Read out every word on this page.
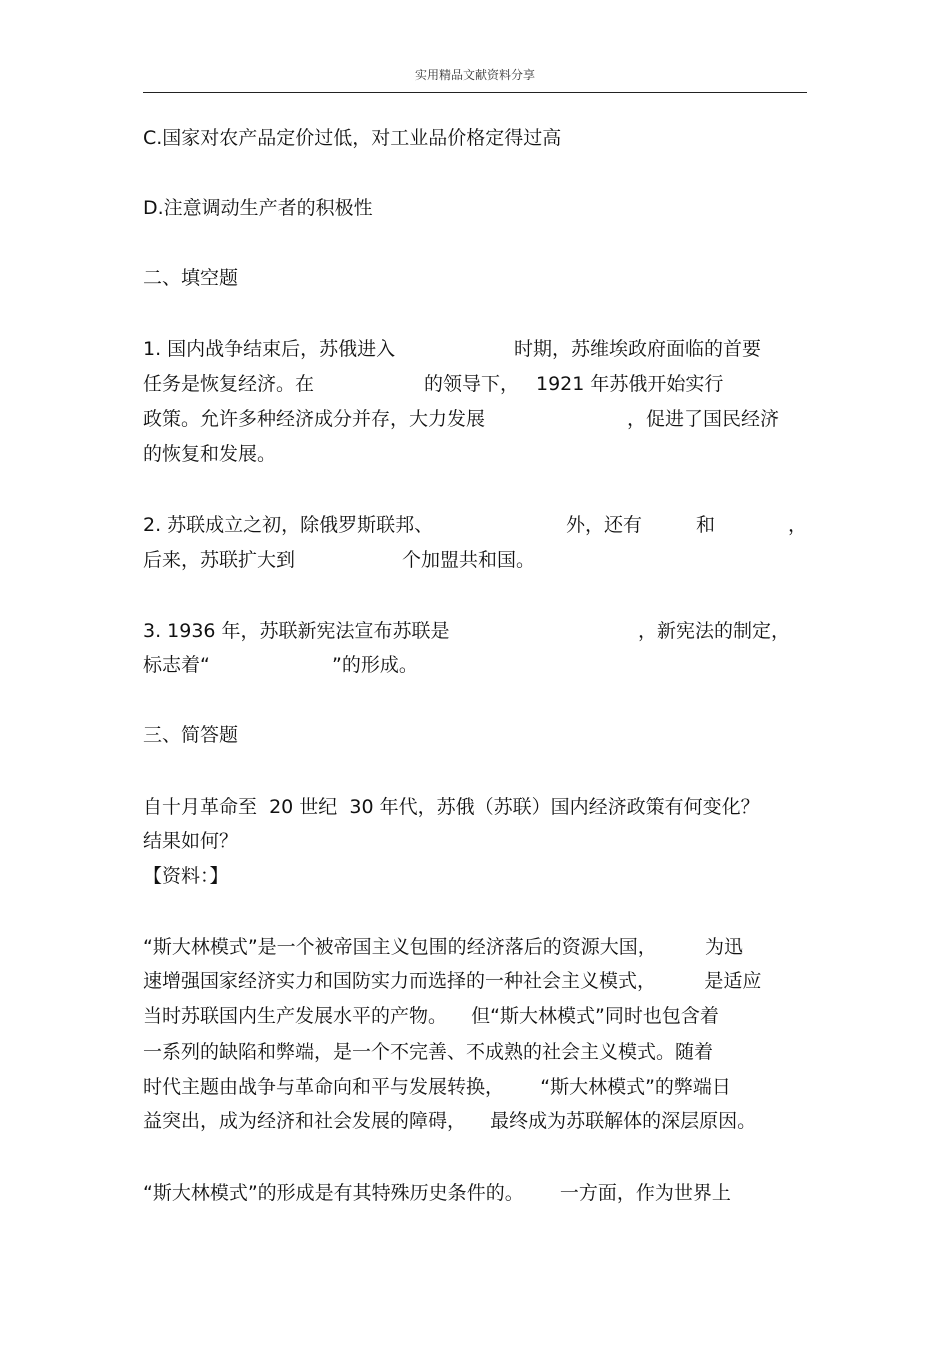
实用精品文献资料分享
C.国家对农产品定价过低，对工业品价格定得过高
D.注意调动生产者的积极性
二、填空题
1. 国内战争结束后，苏俄进入	时期，苏维埃政府面临的首要
任务是恢复经济。在	的领导下， 1921 年苏俄开始实行
政策。允许多种经济成分并存，大力发展	，促进了国民经济
的恢复和发展。
2. 苏联成立之初，除俄罗斯联邦、	外，还有	和	，
后来，苏联扩大到	个加盟共和国。
3. 1936 年，苏联新宪法宣布苏联是	，新宪法的制定，
标志着“	”的形成。
三、简答题
自十月革命至  20 世纪  30 年代，苏俄（苏联）国内经济政策有何变化？
结果如何？
【资料：】
“斯大林模式”是一个被帝国主义包围的经济落后的资源大国，        为迅
速增强国家经济实力和国防实力而选择的一种社会主义模式，        是适应
当时苏联国内生产发展水平的产物。    但“斯大林模式”同时也包含着
一系列的缺陷和弊端，是一个不完善、不成熟的社会主义模式。随着
时代主题由战争与革命向和平与发展转换，      “斯大林模式”的弊端日
益突出，成为经济和社会发展的障碍，    最终成为苏联解体的深层原因。
“斯大林模式”的形成是有其特殊历史条件的。      一方面，作为世界上
